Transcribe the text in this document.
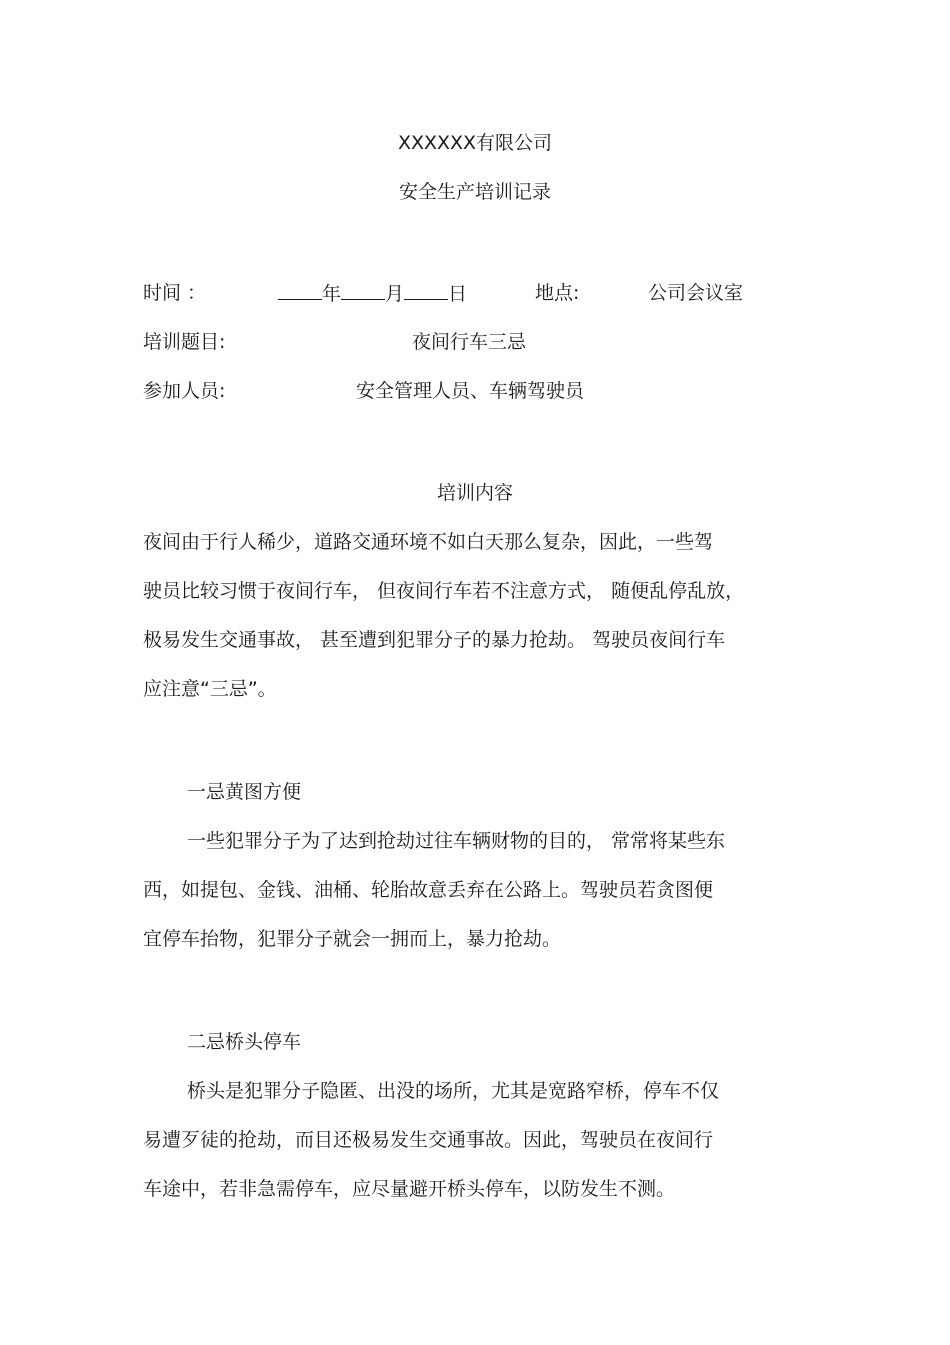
XXXXXX有限公司
安全生产培训记录
时间 ：	年 月 日	地点:	公司会议室
培训题目:	夜间行车三忌
参加人员:	安全管理人员、车辆驾驶员
培训内容
夜间由于行人稀少，道路交通环境不如白天那么复杂，因此，一些驾
驶员比较习惯于夜间行车， 但夜间行车若不注意方式， 随便乱停乱放，
极易发生交通事故， 甚至遭到犯罪分子的暴力抢劫。 驾驶员夜间行车
应注意“三忌”。
一忌黄图方便
一些犯罪分子为了达到抢劫过往车辆财物的目的， 常常将某些东
西，如提包、金钱、油桶、轮胎故意丢弃在公路上。驾驶员若贪图便
宜停车抬物，犯罪分子就会一拥而上，暴力抢劫。
二忌桥头停车
桥头是犯罪分子隐匿、出没的场所，尤其是宽路窄桥，停车不仅
易遭歹徒的抢劫，而目还极易发生交通事故。因此，驾驶员在夜间行
车途中，若非急需停车，应尽量避开桥头停车，以防发生不测。
